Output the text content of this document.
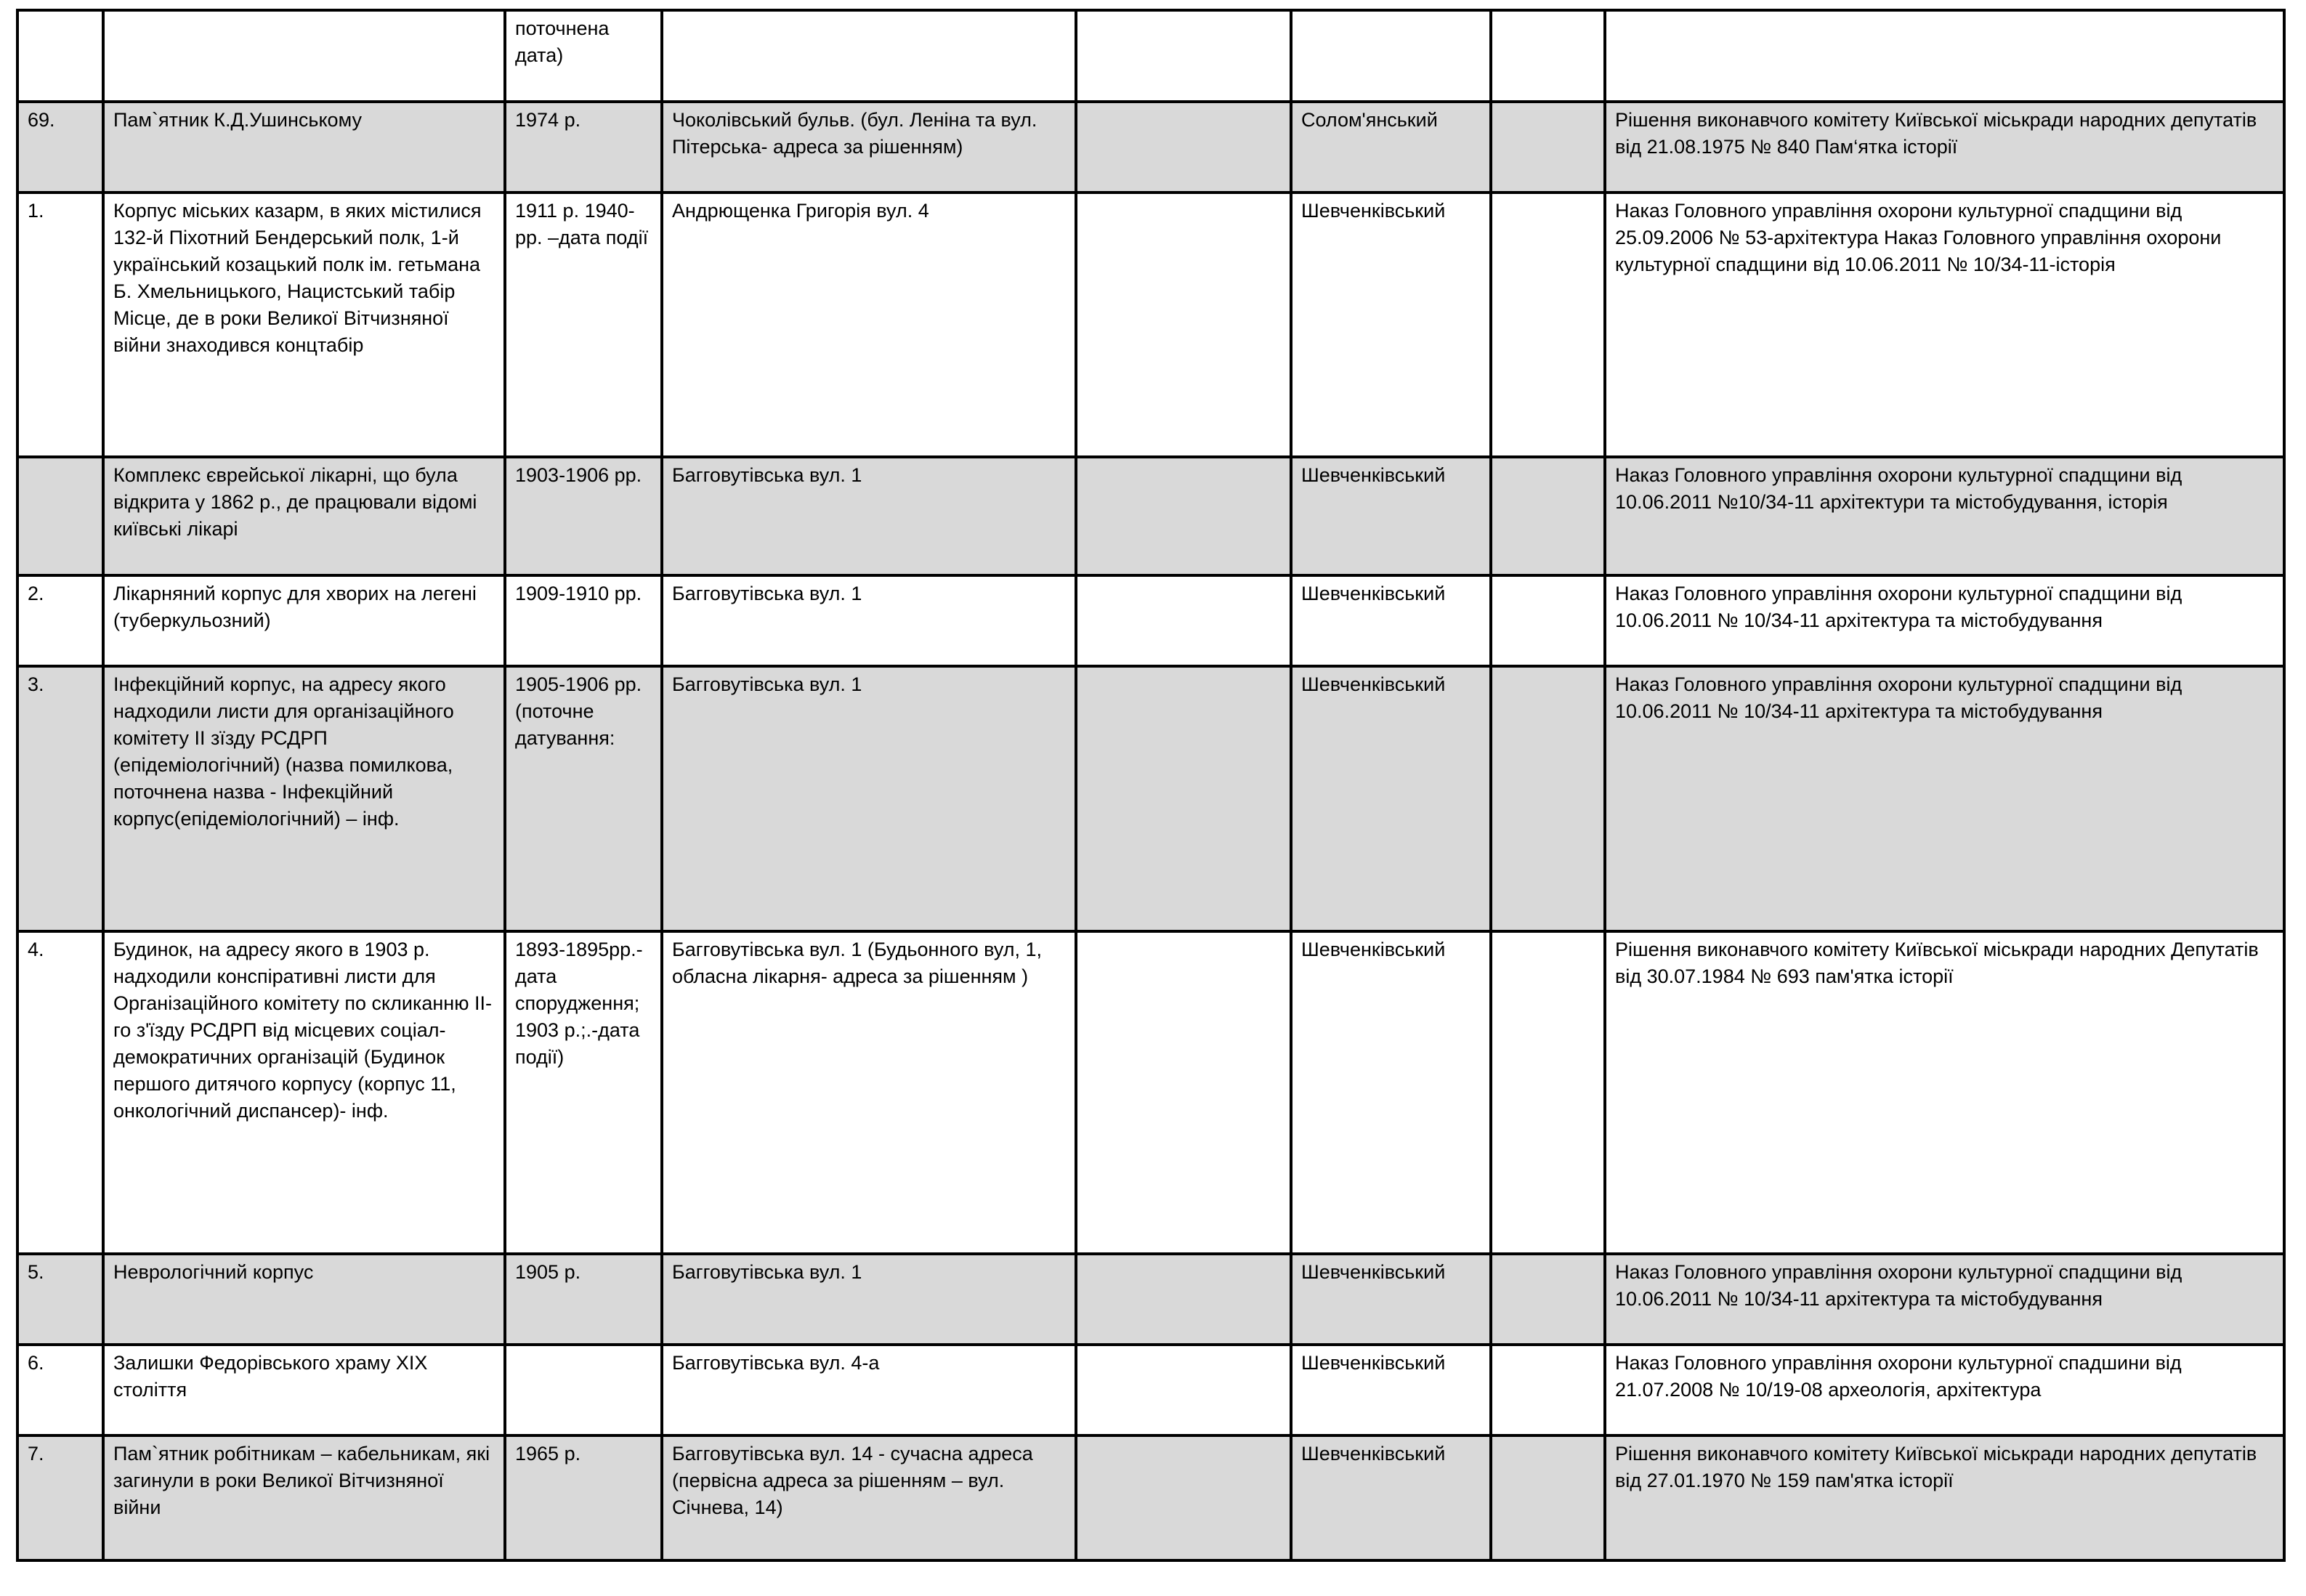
		поточнена дата)					
69.	Пам`ятник К.Д.Ушинському	1974 р.	Чоколівський бульв. (бул. Леніна та вул. Пітерська- адреса за рішенням)		Солом'янський		Рішення виконавчого комітету Київської міськради народних депутатів від 21.08.1975 № 840 Пам‘ятка історії
1.	Корпус міських казарм, в яких містилися 132-й Піхотний Бендерський полк, 1-й український козацький полк ім. гетьмана Б. Хмельницького, Нацистський табір Місце, де в роки Великої Вітчизняної війни знаходився концтабір	1911 р. 1940-рр. –дата події	Андрющенка Григорія вул. 4		Шевченківський		Наказ Головного управління охорони культурної спадщини від 25.09.2006 № 53-архітектура Наказ Головного управління охорони культурної спадщини від 10.06.2011 № 10/34-11-історія
	Комплекс єврейської лікарні, що була відкрита у 1862 р., де працювали відомі київські лікарі	1903-1906 рр.	Багговутівська вул. 1		Шевченківський		Наказ Головного управління охорони культурної спадщини від 10.06.2011 №10/34-11 архітектури та містобудування, історія
2.	Лікарняний корпус для хворих на легені (туберкульозний)	1909-1910 рр.	Багговутівська вул. 1		Шевченківський		Наказ Головного управління охорони культурної спадщини від 10.06.2011 № 10/34-11 архітектура та містобудування
3.	Інфекційний корпус, на адресу якого надходили листи для організаційного комітету ІІ зїзду РСДРП (епідеміологічний) (назва помилкова, поточнена назва - Інфекційний корпус(епідеміологічний) – інф.	1905-1906 рр. (поточне датування:	Багговутівська вул. 1		Шевченківський		Наказ Головного управління охорони культурної спадщини від 10.06.2011 № 10/34-11 архітектура та містобудування
4.	Будинок, на адресу якого в 1903 р. надходили конспіративні листи для Організаційного комітету по скликанню ІІ-го з'їзду РСДРП від місцевих соціал-демократичних організацій (Будинок першого дитячого корпусу (корпус 11, онкологічний диспансер)- інф.	1893-1895рр.-дата спорудження; 1903 р.;.-дата події)	Багговутівська вул. 1 (Будьонного вул, 1, обласна лікарня- адреса за рішенням )		Шевченківський		Рішення виконавчого комітету Київської міськради народних Депутатів від 30.07.1984 № 693 пам'ятка історії
5.	Неврологічний корпус	1905 р.	Багговутівська вул. 1		Шевченківський		Наказ Головного управління охорони культурної спадщини від 10.06.2011 № 10/34-11 архітектура та містобудування
6.	Залишки Федорівського храму XIX століття		Багговутівська вул. 4-а		Шевченківський		Наказ Головного управління охорони культурної спадшини від 21.07.2008 № 10/19-08 археологія, архітектура
7.	Пам`ятник робітникам – кабельникам, які загинули в роки Великої Вітчизняної війни	1965 р.	Багговутівська вул. 14 - сучасна адреса (первісна адреса за рішенням – вул. Січнева, 14)		Шевченківський		Рішення виконавчого комітету Київської міськради народних депутатів від 27.01.1970 № 159 пам'ятка історії
